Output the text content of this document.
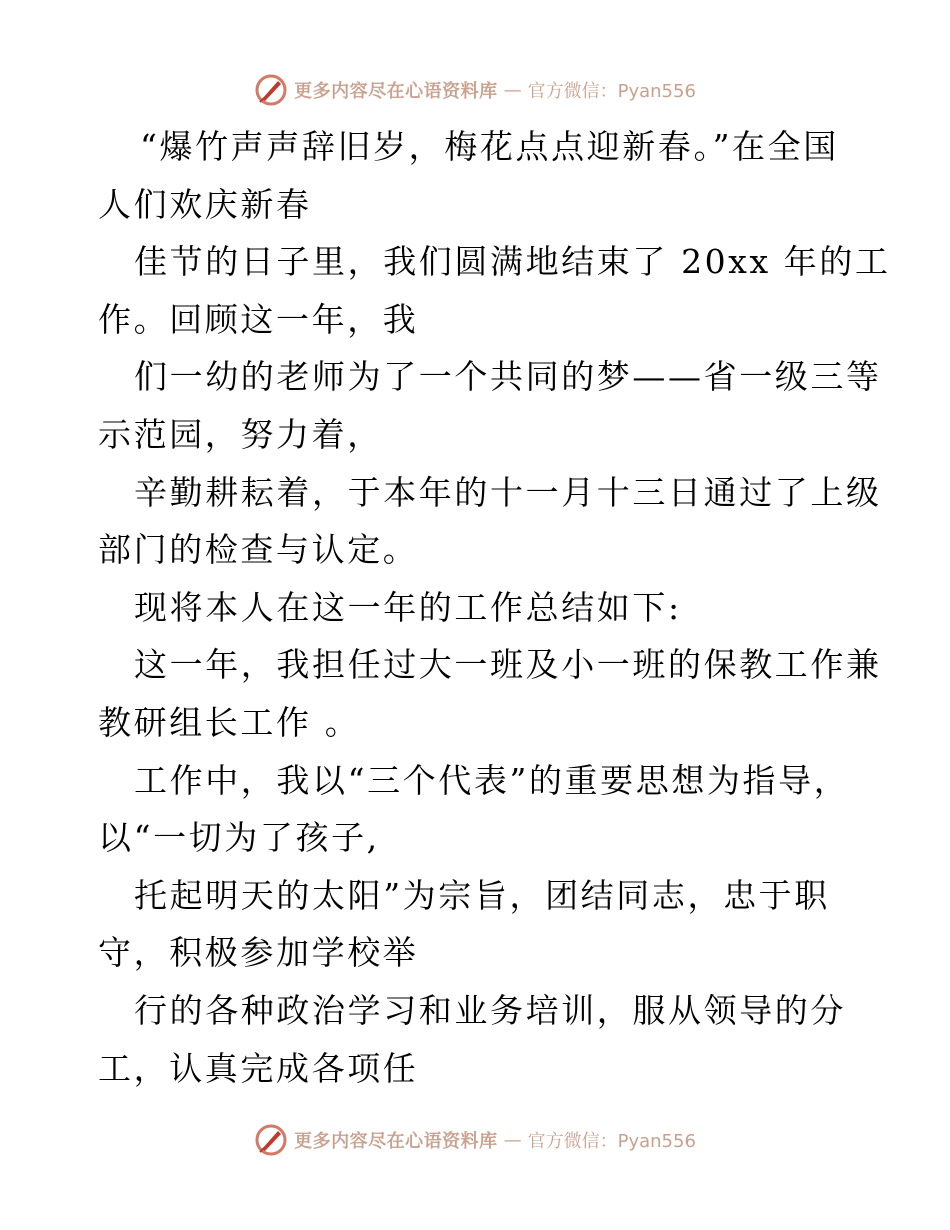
更多内容尽在心语资料库 — 官方微信：Pyan556
“爆竹声声辞旧岁，梅花点点迎新春。”在全国
人们欢庆新春
佳节的日子里，我们圆满地结束了 20xx 年的工
作。回顾这一年，我
们一幼的老师为了一个共同的梦——省一级三等
示范园，努力着，
辛勤耕耘着，于本年的十一月十三日通过了上级
部门的检查与认定。
现将本人在这一年的工作总结如下:
这一年，我担任过大一班及小一班的保教工作兼
教研组长工作 。
工作中，我以“三个代表”的重要思想为指导，
以“一切为了孩子,
托起明天的太阳”为宗旨，团结同志，忠于职
守，积极参加学校举
行的各种政治学习和业务培训，服从领导的分
工，认真完成各项任
更多内容尽在心语资料库 — 官方微信：Pyan556
